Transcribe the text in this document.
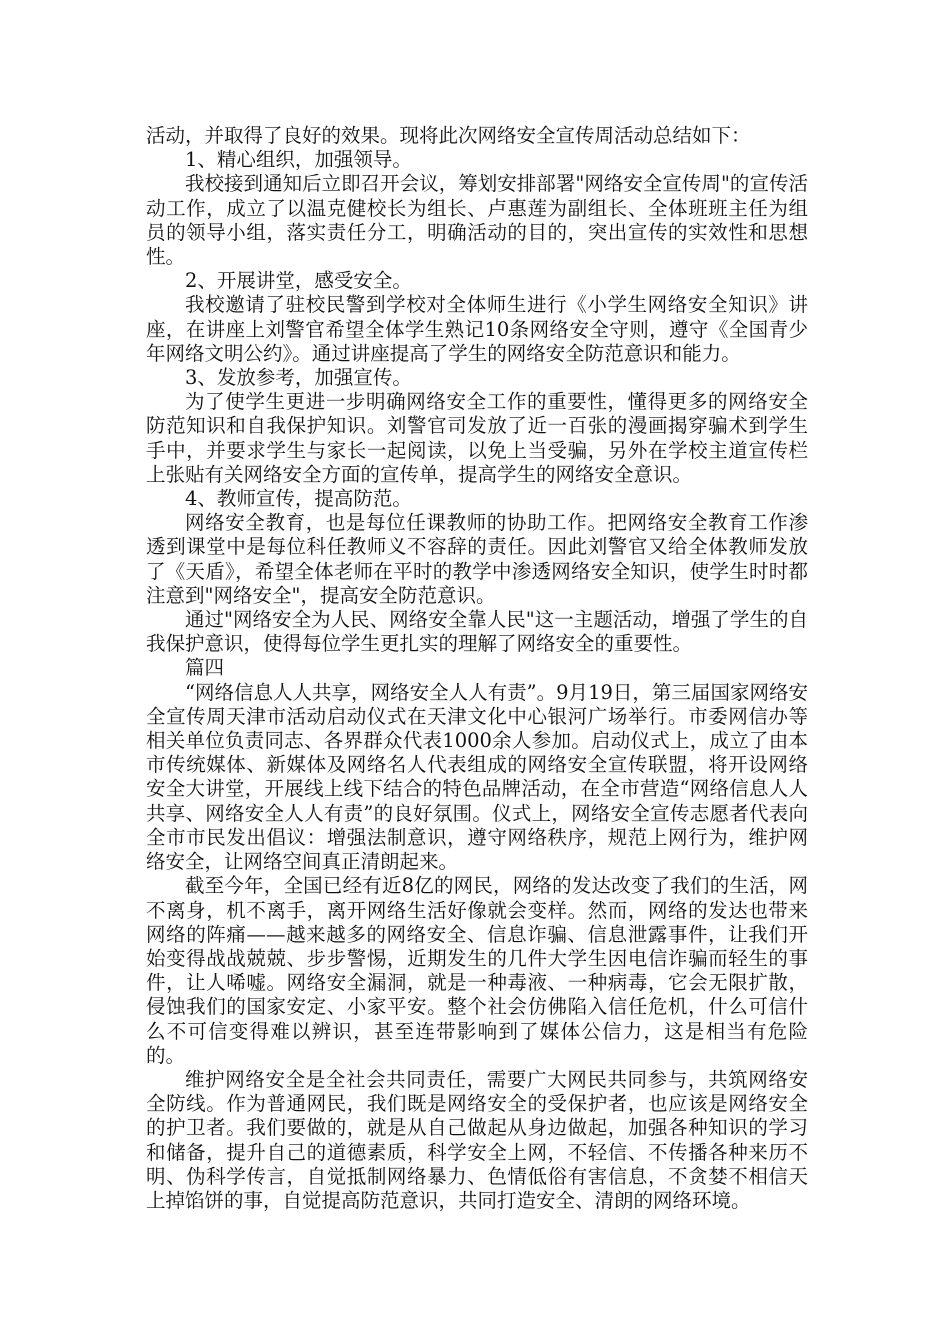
活动，并取得了良好的效果。现将此次网络安全宣传周活动总结如下：

1、精心组织，加强领导。

我校接到通知后立即召开会议，筹划安排部署"网络安全宣传周"的宣传活动工作，成立了以温克健校长为组长、卢惠莲为副组长、全体班班主任为组员的领导小组，落实责任分工，明确活动的目的，突出宣传的实效性和思想性。

2、开展讲堂，感受安全。

我校邀请了驻校民警到学校对全体师生进行《小学生网络安全知识》讲座，在讲座上刘警官希望全体学生熟记10条网络安全守则，遵守《全国青少年网络文明公约》。通过讲座提高了学生的网络安全防范意识和能力。

3、发放参考，加强宣传。

为了使学生更进一步明确网络安全工作的重要性，懂得更多的网络安全防范知识和自我保护知识。刘警官司发放了近一百张的漫画揭穿骗术到学生手中，并要求学生与家长一起阅读，以免上当受骗，另外在学校主道宣传栏上张贴有关网络安全方面的宣传单，提高学生的网络安全意识。

4、教师宣传，提高防范。

网络安全教育，也是每位任课教师的协助工作。把网络安全教育工作渗透到课堂中是每位科任教师义不容辞的责任。因此刘警官又给全体教师发放了《天盾》，希望全体老师在平时的教学中渗透网络安全知识，使学生时时都注意到"网络安全"，提高安全防范意识。

通过"网络安全为人民、网络安全靠人民"这一主题活动，增强了学生的自我保护意识，使得每位学生更扎实的理解了网络安全的重要性。

篇四

“网络信息人人共享，网络安全人人有责”。9月19日，第三届国家网络安全宣传周天津市活动启动仪式在天津文化中心银河广场举行。市委网信办等相关单位负责同志、各界群众代表1000余人参加。启动仪式上，成立了由本市传统媒体、新媒体及网络名人代表组成的网络安全宣传联盟，将开设网络安全大讲堂，开展线上线下结合的特色品牌活动，在全市营造“网络信息人人共享、网络安全人人有责”的良好氛围。仪式上，网络安全宣传志愿者代表向全市市民发出倡议：增强法制意识，遵守网络秩序，规范上网行为，维护网络安全，让网络空间真正清朗起来。

截至今年，全国已经有近8亿的网民，网络的发达改变了我们的生活，网不离身，机不离手，离开网络生活好像就会变样。然而，网络的发达也带来网络的阵痛——越来越多的网络安全、信息诈骗、信息泄露事件，让我们开始变得战战兢兢、步步警惕，近期发生的几件大学生因电信诈骗而轻生的事件，让人唏嘘。网络安全漏洞，就是一种毒液、一种病毒，它会无限扩散，侵蚀我们的国家安定、小家平安。整个社会仿佛陷入信任危机，什么可信什么不可信变得难以辨识，甚至连带影响到了媒体公信力，这是相当有危险的。

维护网络安全是全社会共同责任，需要广大网民共同参与，共筑网络安全防线。作为普通网民，我们既是网络安全的受保护者，也应该是网络安全的护卫者。我们要做的，就是从自己做起从身边做起，加强各种知识的学习和储备，提升自己的道德素质，科学安全上网，不轻信、不传播各种来历不明、伪科学传言，自觉抵制网络暴力、色情低俗有害信息，不贪婪不相信天上掉馅饼的事，自觉提高防范意识，共同打造安全、清朗的网络环境。
